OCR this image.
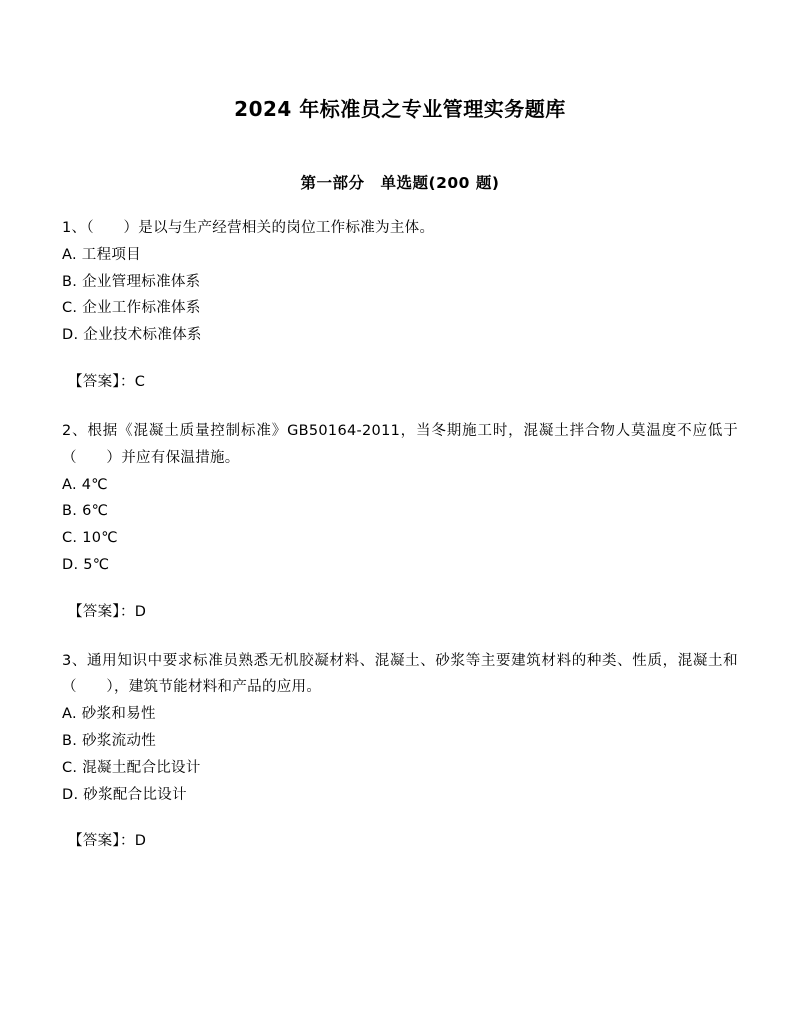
2024 年标准员之专业管理实务题库
第一部分　单选题(200 题)
1、（　　）是以与生产经营相关的岗位工作标准为主体。
A. 工程项目
B. 企业管理标准体系
C. 企业工作标准体系
D. 企业技术标准体系
【答案】：C
2、根据《混凝土质量控制标准》GB50164-2011，当冬期施工时，混凝土拌合物人莫温度不应低于（　　）并应有保温措施。
A. 4℃
B. 6℃
C. 10℃
D. 5℃
【答案】：D
3、通用知识中要求标准员熟悉无机胶凝材料、混凝土、砂浆等主要建筑材料的种类、性质，混凝土和（　　），建筑节能材料和产品的应用。
A. 砂浆和易性
B. 砂浆流动性
C. 混凝土配合比设计
D. 砂浆配合比设计
【答案】：D
